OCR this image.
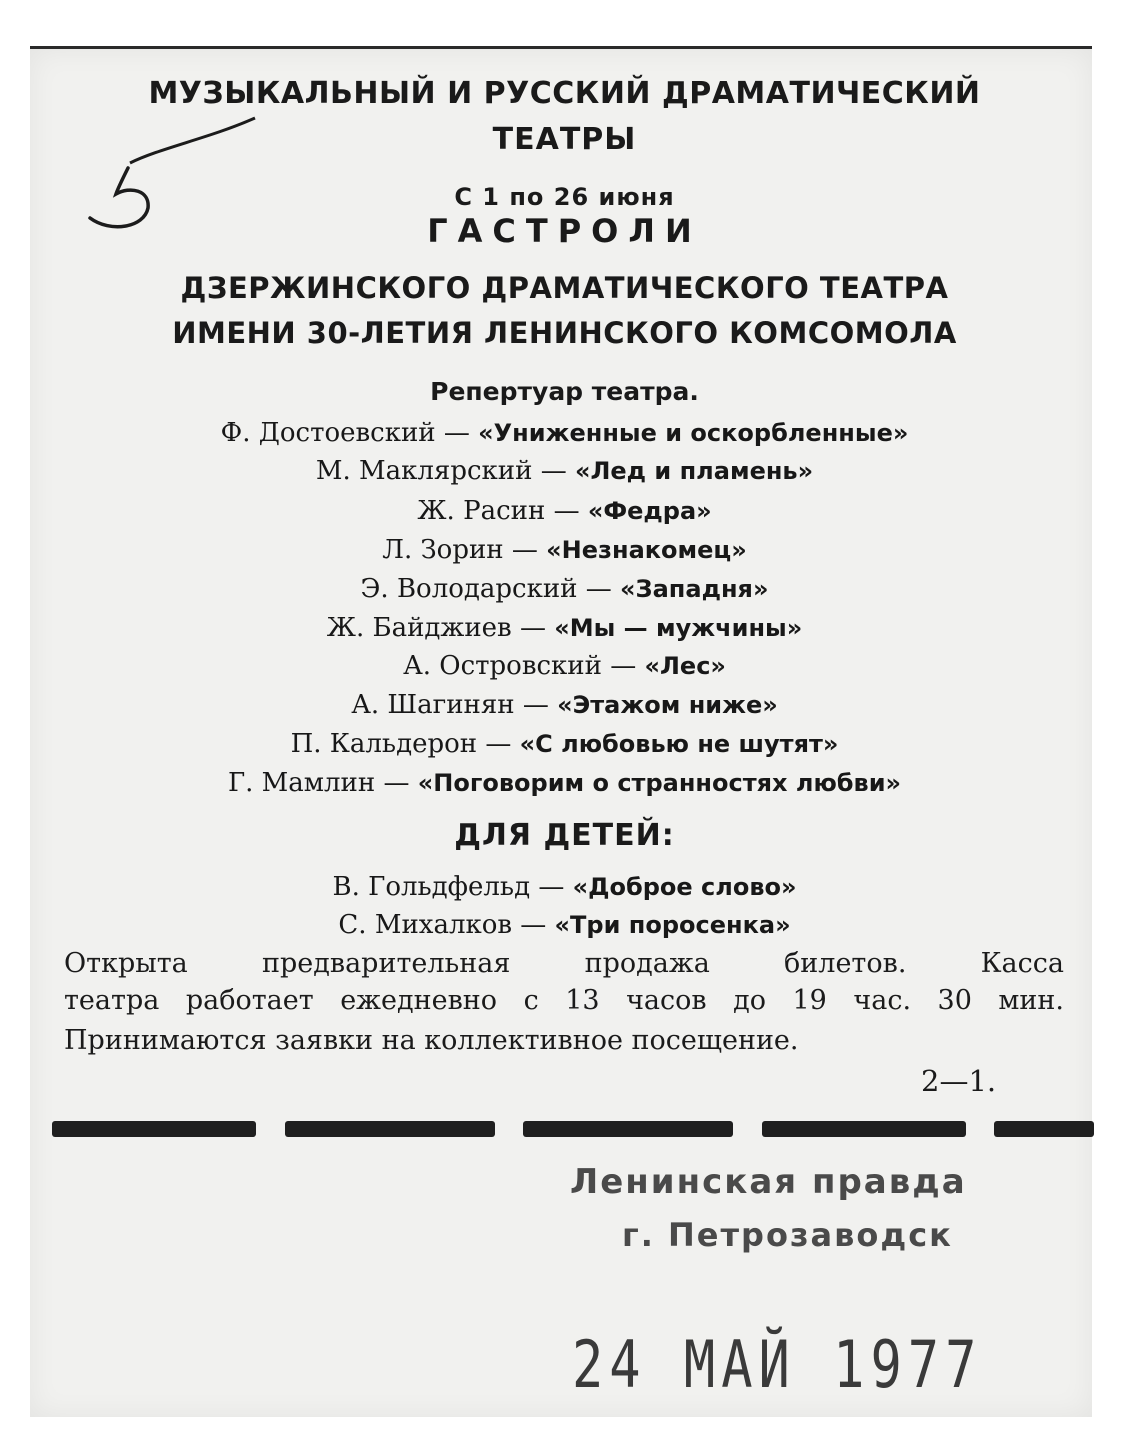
МУЗЫКАЛЬНЫЙ И РУССКИЙ ДРАМАТИЧЕСКИЙ
ТЕАТРЫ
С 1 по 26 июня
ГАСТРОЛИ
ДЗЕРЖИНСКОГО ДРАМАТИЧЕСКОГО ТЕАТРА
ИМЕНИ 30-ЛЕТИЯ ЛЕНИНСКОГО КОМСОМОЛА
Репертуар театра.
Ф. Достоевский — «Униженные и оскорбленные»
М. Маклярский — «Лед и пламень»
Ж. Расин — «Федра»
Л. Зорин — «Незнакомец»
Э. Володарский — «Западня»
Ж. Байджиев — «Мы — мужчины»
А. Островский — «Лес»
А. Шагинян — «Этажом ниже»
П. Кальдерон — «С любовью не шутят»
Г. Мамлин — «Поговорим о странностях любви»
ДЛЯ ДЕТЕЙ:
В. Гольдфельд — «Доброе слово»
С. Михалков — «Три поросенка»
Открыта предварительная продажа билетов. Касса
театра работает ежедневно с 13 часов до 19 час. 30 мин.
Принимаются заявки на коллективное посещение.
2—1.
Ленинская правда
г. Петрозаводск
24 МАЙ 1977
